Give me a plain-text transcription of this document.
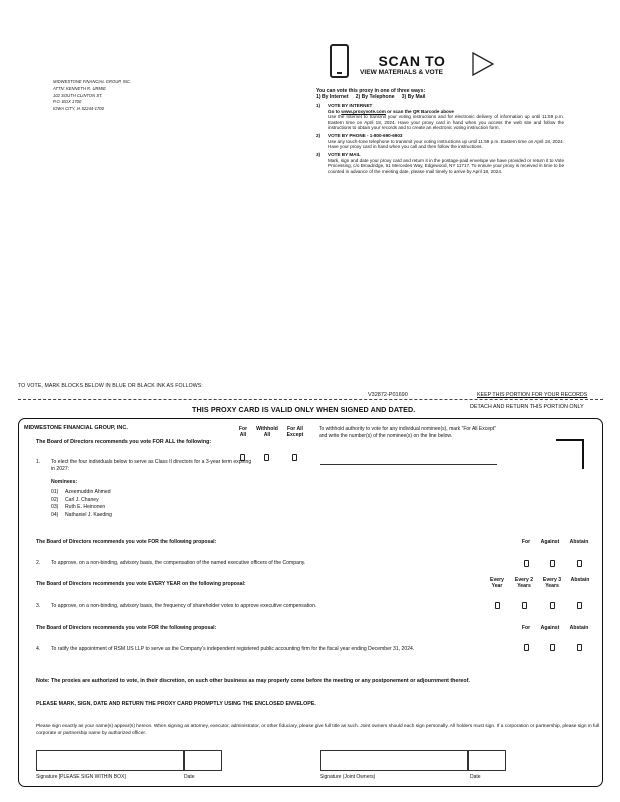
MIDWESTONE FINANCIAL GROUP, INC.
ATTN: KENNETH R. URMIE
102 SOUTH CLINTON ST.
P.O. BOX 1700
IOWA CITY, IA 52244-1700
SCAN TO
VIEW MATERIALS & VOTE
You can vote this proxy in one of three ways:
1) By Internet     2) By Telephone     3) By Mail
1)	VOTE BY INTERNET
Go to www.proxyvote.com or scan the QR Barcode above
Use the Internet to transmit your voting instructions and for electronic delivery of information up until 11:59 p.m. Eastern time on April 18, 2024. Have your proxy card in hand when you access the web site and follow the instructions to obtain your records and to create an electronic voting instruction form.
2)	VOTE BY PHONE - 1-800-690-6903
Use any touch-tone telephone to transmit your voting instructions up until 11:59 p.m. Eastern time on April 18, 2024. Have your proxy card in hand when you call and then follow the instructions.
3)	VOTE BY MAIL
Mark, sign and date your proxy card and return it in the postage-paid envelope we have provided or return it to Vote Processing, c/o Broadridge, 51 Mercedes Way, Edgewood, NY 11717. To ensure your proxy is received in time to be counted in advance of the meeting date, please mail timely to arrive by April 18, 2024.
TO VOTE, MARK BLOCKS BELOW IN BLUE OR BLACK INK AS FOLLOWS:
V32872-P01690	KEEP THIS PORTION FOR YOUR RECORDS
THIS PROXY CARD IS VALID ONLY WHEN SIGNED AND DATED.	DETACH AND RETURN THIS PORTION ONLY
MIDWESTONE FINANCIAL GROUP, INC.
The Board of Directors recommends you vote FOR ALL the following:
For All
Withhold All
For All Except
To withhold authority to vote for any individual nominee(s), mark "For All Except" and write the number(s) of the nominee(s) on the line below.
1. To elect the four individuals below to serve as Class II directors for a 3-year term expiring in 2027:
Nominees:
01)	Azeemuddin Ahmed
02)	Carl J. Chaney
03)	Ruth E. Heinonen
04)	Nathaniel J. Kaeding
The Board of Directors recommends you vote FOR the following proposal:	For	Against	Abstain
2. To approve, on a non-binding, advisory basis, the compensation of the named executive officers of the Company.
The Board of Directors recommends you vote EVERY YEAR on the following proposal:
Every Year
Every 2 Years
Every 3 Years
Abstain
3. To approve, on a non-binding, advisory basis, the frequency of shareholder votes to approve executive compensation.
The Board of Directors recommends you vote FOR the following proposal:	For	Against	Abstain
4. To ratify the appointment of RSM US LLP to serve as the Company's independent registered public accounting firm for the fiscal year ending December 31, 2024.
Note: The proxies are authorized to vote, in their discretion, on such other business as may properly come before the meeting or any postponement or adjournment thereof.
PLEASE MARK, SIGN, DATE AND RETURN THE PROXY CARD PROMPTLY USING THE ENCLOSED ENVELOPE.
Please sign exactly as your name(s) appear(s) hereon. When signing as attorney, executor, administrator, or other fiduciary, please give full title as such. Joint owners should each sign personally. All holders must sign. If a corporation or partnership, please sign in full corporate or partnership name by authorized officer.
Signature [PLEASE SIGN WITHIN BOX]	Date	Signature (Joint Owners)	Date
